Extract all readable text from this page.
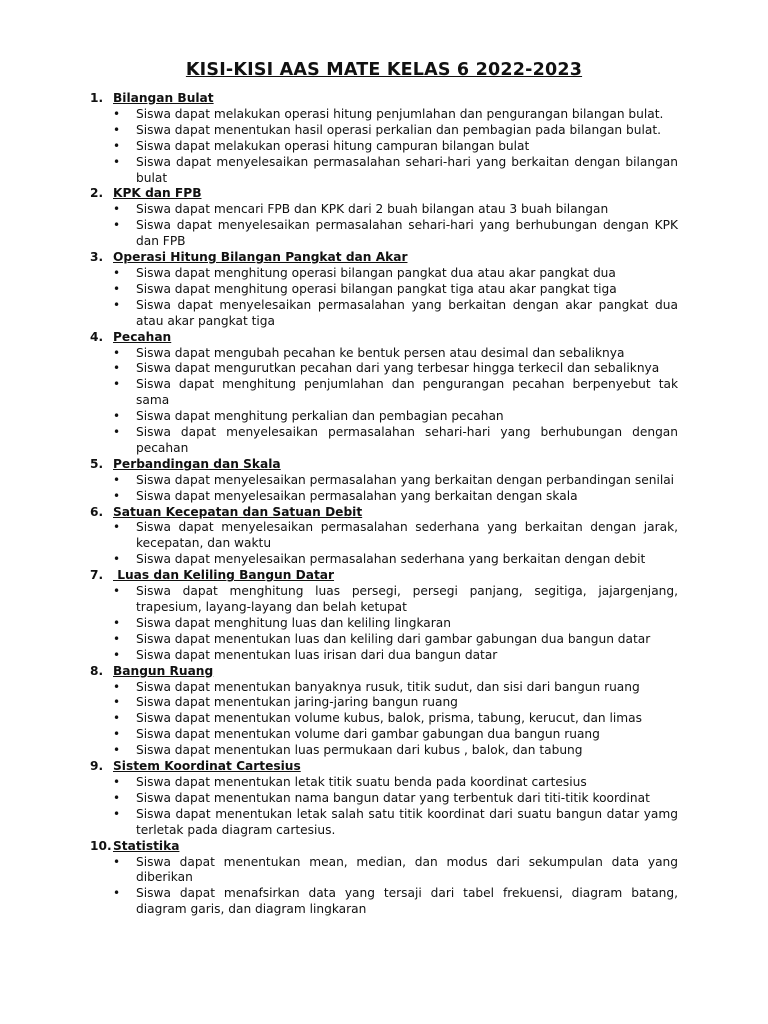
KISI-KISI AAS MATE KELAS 6 2022-2023
1. Bilangan Bulat
•	Siswa dapat melakukan operasi hitung penjumlahan dan pengurangan bilangan bulat.
•	Siswa dapat menentukan hasil operasi perkalian dan pembagian pada bilangan bulat.
•	Siswa dapat melakukan operasi hitung campuran bilangan bulat
•	Siswa dapat menyelesaikan permasalahan sehari-hari yang berkaitan dengan bilangan bulat
2. KPK dan FPB
•	Siswa dapat mencari FPB dan KPK dari 2 buah bilangan atau 3 buah bilangan
•	Siswa dapat menyelesaikan permasalahan sehari-hari yang berhubungan dengan KPK dan FPB
3. Operasi Hitung Bilangan Pangkat dan Akar
•	Siswa dapat menghitung operasi bilangan pangkat dua atau akar pangkat dua
•	Siswa dapat menghitung operasi bilangan pangkat tiga atau akar pangkat tiga
•	Siswa dapat menyelesaikan permasalahan yang berkaitan dengan akar pangkat dua atau akar pangkat tiga
4. Pecahan
•	Siswa dapat mengubah pecahan ke bentuk persen atau desimal dan sebaliknya
•	Siswa dapat mengurutkan pecahan dari yang terbesar hingga terkecil dan sebaliknya
•	Siswa dapat menghitung penjumlahan dan pengurangan pecahan berpenyebut tak sama
•	Siswa dapat menghitung perkalian dan pembagian pecahan
•	Siswa dapat menyelesaikan permasalahan sehari-hari yang berhubungan dengan pecahan
5. Perbandingan dan Skala
•	Siswa dapat menyelesaikan permasalahan yang berkaitan dengan perbandingan senilai
•	Siswa dapat menyelesaikan permasalahan yang berkaitan dengan skala
6. Satuan Kecepatan dan Satuan Debit
•	Siswa dapat menyelesaikan permasalahan sederhana yang berkaitan dengan jarak, kecepatan, dan waktu
•	Siswa dapat menyelesaikan permasalahan sederhana yang berkaitan dengan debit
7. Luas dan Keliling Bangun Datar
•	Siswa dapat menghitung luas persegi, persegi panjang, segitiga, jajargenjang, trapesium, layang-layang dan belah ketupat
•	Siswa dapat menghitung luas dan keliling lingkaran
•	Siswa dapat menentukan luas dan keliling dari gambar gabungan dua bangun datar
•	Siswa dapat menentukan luas irisan dari dua bangun datar
8. Bangun Ruang
•	Siswa dapat menentukan banyaknya rusuk, titik sudut, dan sisi dari bangun ruang
•	Siswa dapat menentukan jaring-jaring bangun ruang
•	Siswa dapat menentukan volume kubus, balok, prisma, tabung, kerucut, dan limas
•	Siswa dapat menentukan volume dari gambar gabungan dua bangun ruang
•	Siswa dapat menentukan luas permukaan dari kubus , balok, dan tabung
9. Sistem Koordinat Cartesius
•	Siswa dapat menentukan letak titik suatu benda pada koordinat cartesius
•	Siswa dapat menentukan nama bangun datar yang terbentuk dari titi-titik koordinat
•	Siswa dapat menentukan letak salah satu titik koordinat dari suatu bangun datar yamg terletak pada diagram cartesius.
10. Statistika
•	Siswa dapat menentukan mean, median, dan modus dari sekumpulan data yang diberikan
•	Siswa dapat menafsirkan data yang tersaji dari tabel frekuensi, diagram batang, diagram garis, dan diagram lingkaran
